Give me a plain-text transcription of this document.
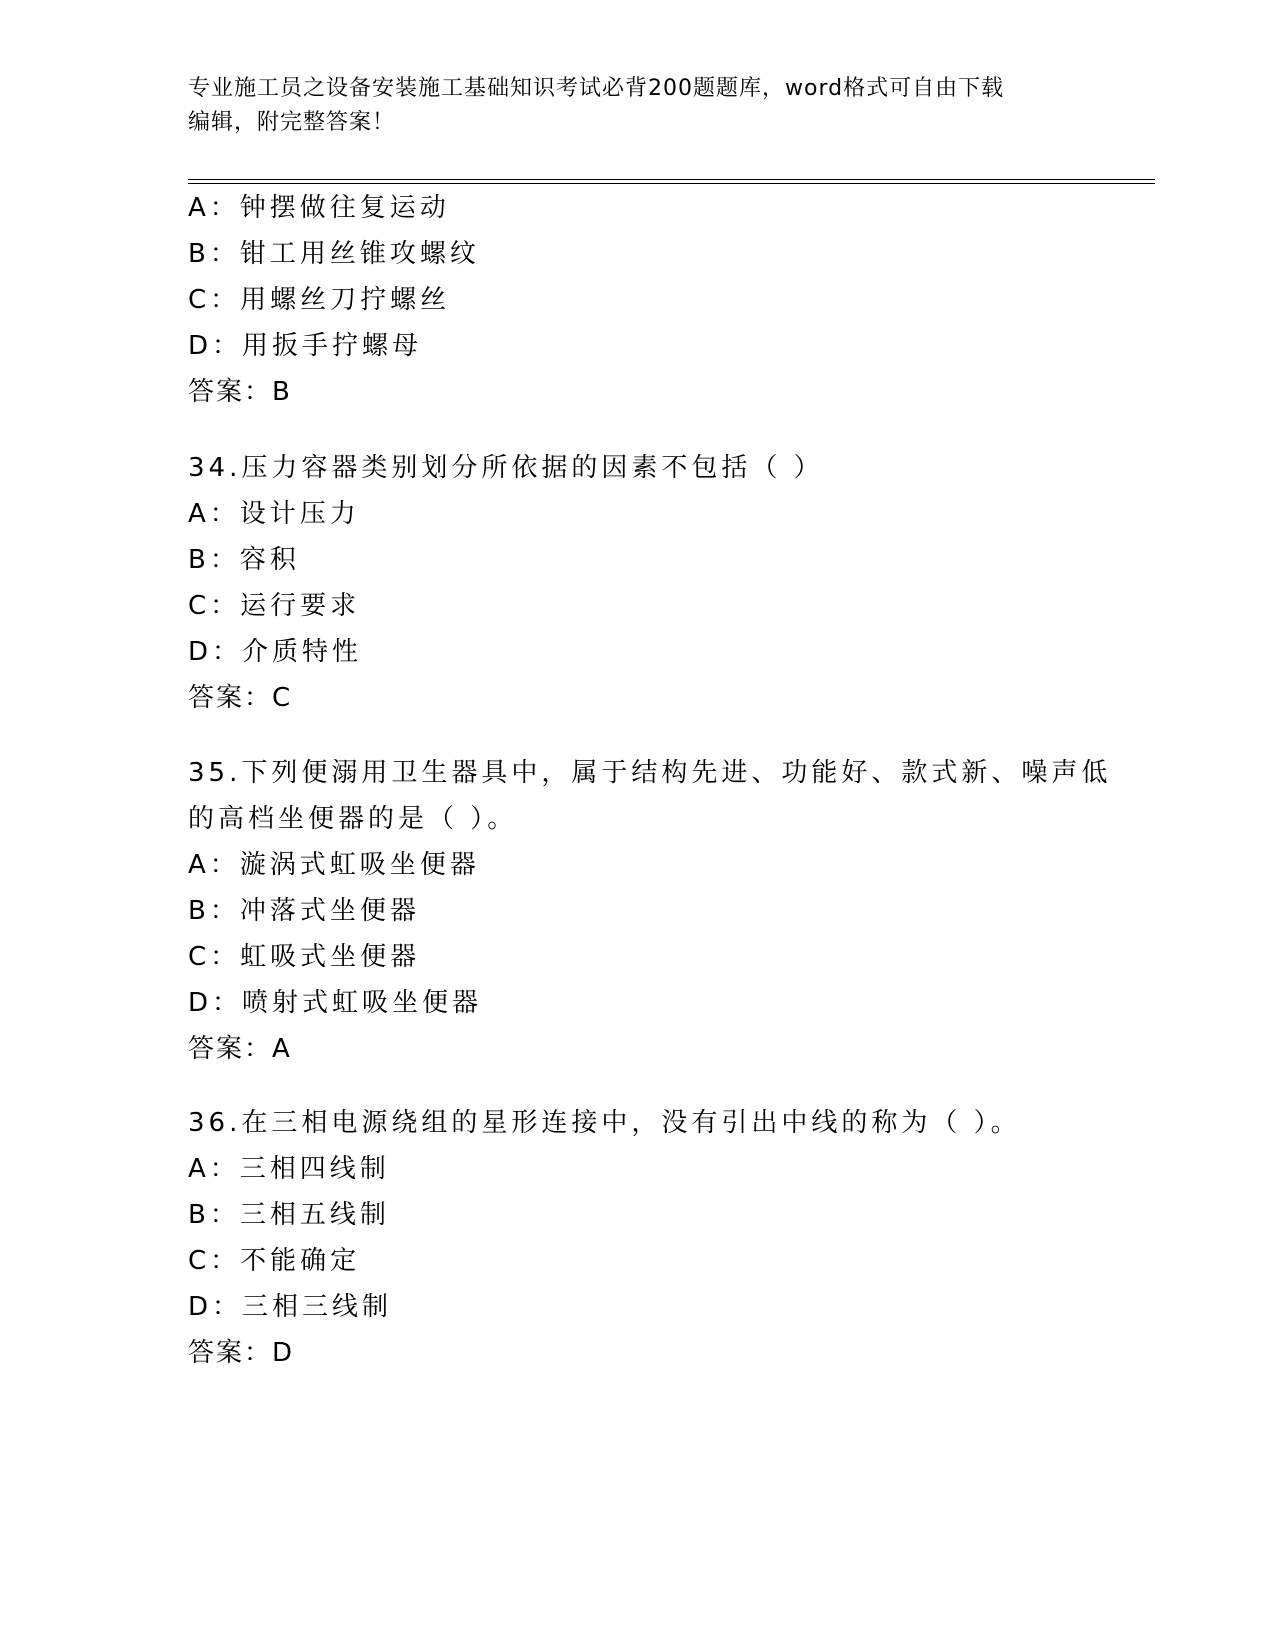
专业施工员之设备安装施工基础知识考试必背200题题库，word格式可自由下载
编辑，附完整答案！
A：钟摆做往复运动
B：钳工用丝锥攻螺纹
C：用螺丝刀拧螺丝
D：用扳手拧螺母
答案：B
34.压力容器类别划分所依据的因素不包括（ ）
A：设计压力
B：容积
C：运行要求
D：介质特性
答案：C
35.下列便溺用卫生器具中，属于结构先进、功能好、款式新、噪声低
的高档坐便器的是（ ）。
A：漩涡式虹吸坐便器
B：冲落式坐便器
C：虹吸式坐便器
D：喷射式虹吸坐便器
答案：A
36.在三相电源绕组的星形连接中，没有引出中线的称为（ ）。
A：三相四线制
B：三相五线制
C：不能确定
D：三相三线制
答案：D
